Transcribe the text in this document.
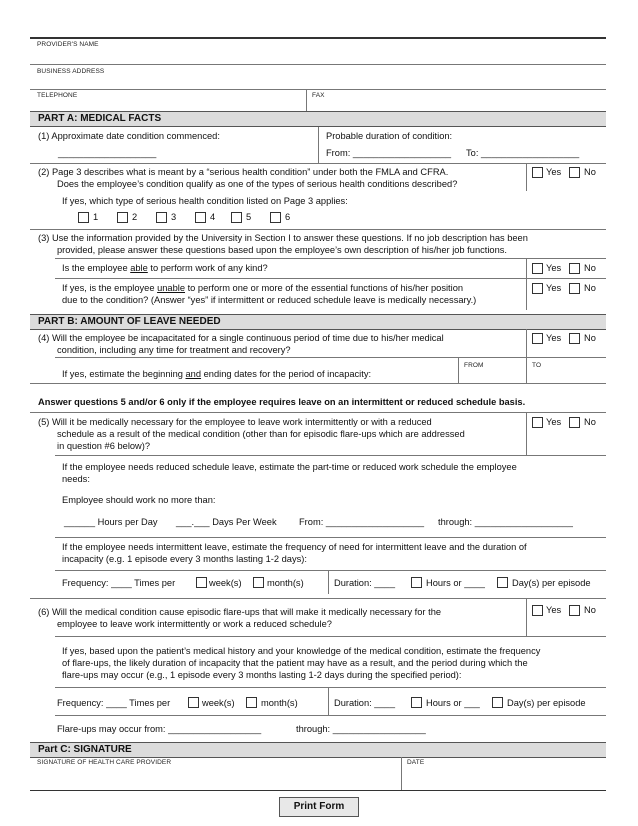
PROVIDER'S NAME
BUSINESS ADDRESS
TELEPHONE	FAX
PART A: MEDICAL FACTS
(1) Approximate date condition commenced:
___________________
Probable duration of condition:
From: ___________________ To: ___________________
(2) Page 3 describes what is meant by a “serious health condition” under both the FMLA and CFRA.
Does the employee’s condition qualify as one of the types of serious health conditions described?
Yes No
If yes, which type of serious health condition listed on Page 3 applies:
1	2	3	4	5	6
(3) Use the information provided by the University in Section I to answer these questions. If no job description has been
provided, please answer these questions based upon the employee’s own description of his/her job functions.
Is the employee able to perform work of any kind?	Yes No
If yes, is the employee unable to perform one or more of the essential functions of his/her position
due to the condition? (Answer “yes” if intermittent or reduced schedule leave is medically necessary.)
Yes No
PART B: AMOUNT OF LEAVE NEEDED
(4) Will the employee be incapacitated for a single continuous period of time due to his/her medical
condition, including any time for treatment and recovery?
Yes No
If yes, estimate the beginning and ending dates for the period of incapacity:
FROM	TO
Answer questions 5 and/or 6 only if the employee requires leave on an intermittent or reduced schedule basis.
(5) Will it be medically necessary for the employee to leave work intermittently or with a reduced
schedule as a result of the medical condition (other than for episodic flare-ups which are addressed
in question #6 below)?
Yes No
If the employee needs reduced schedule leave, estimate the part-time or reduced work schedule the employee
needs:
Employee should work no more than:
______ Hours per Day ___.___ Days Per Week From: ___________________ through: ___________________
If the employee needs intermittent leave, estimate the frequency of need for intermittent leave and the duration of
incapacity (e.g. 1 episode every 3 months lasting 1-2 days):
Frequency: ____ Times per	week(s)	month(s)	Duration: ____	Hours or ____	Day(s) per episode
(6) Will the medical condition cause episodic flare-ups that will make it medically necessary for the
employee to leave work intermittently or work a reduced schedule?
Yes No
If yes, based upon the patient’s medical history and your knowledge of the medical condition, estimate the frequency
of flare-ups, the likely duration of incapacity that the patient may have as a result, and the period during which the
flare-ups may occur (e.g., 1 episode every 3 months lasting 1-2 days during the specified period):
Frequency: ____ Times per	week(s)	month(s)	Duration: ____	Hours or ___	Day(s) per episode
Flare-ups may occur from: __________________	through: __________________
Part C: SIGNATURE
SIGNATURE OF HEALTH CARE PROVIDER	DATE
Print Form
